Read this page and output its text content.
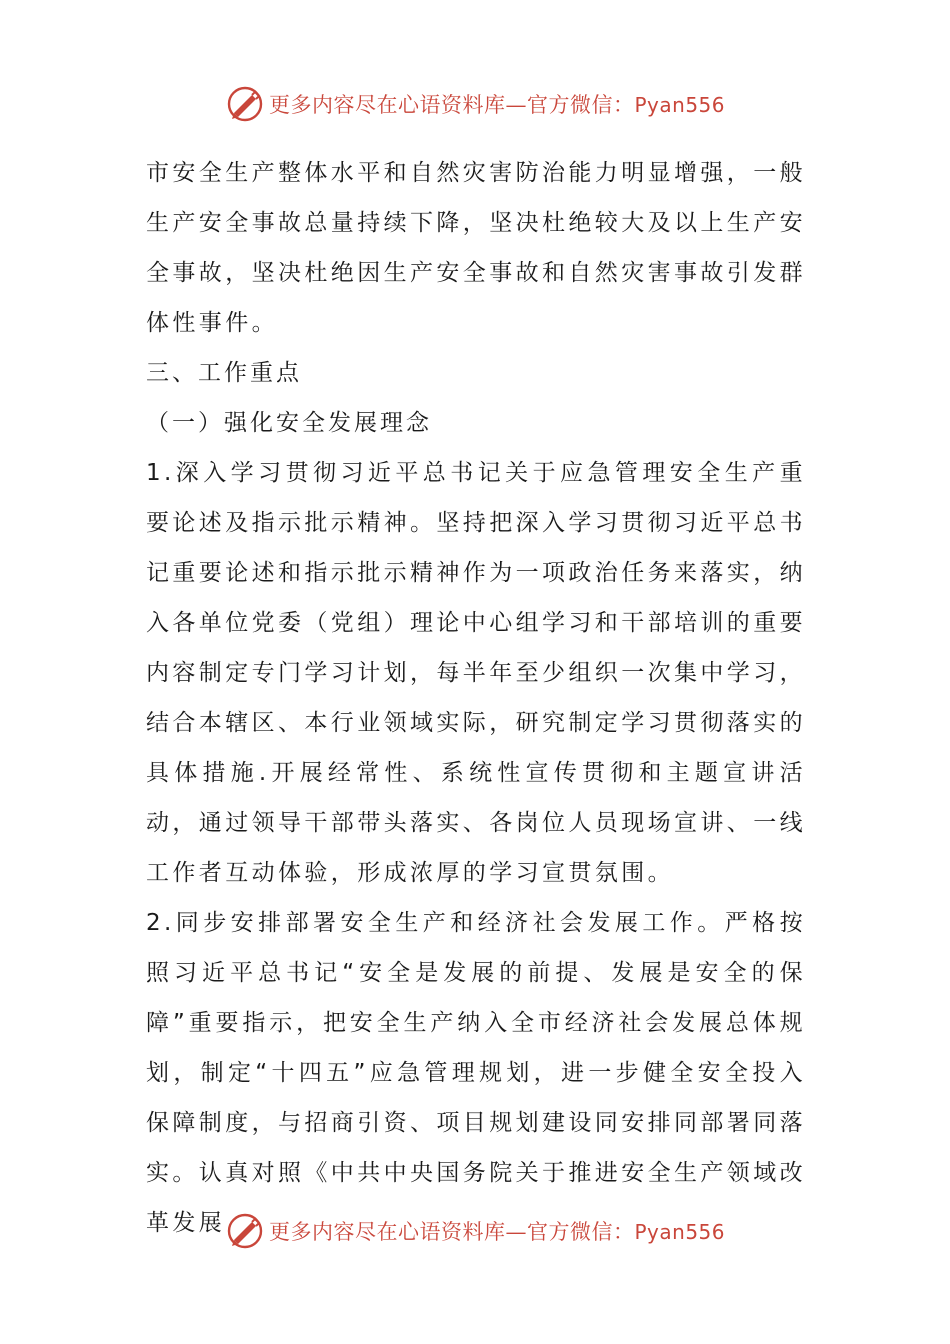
更多内容尽在心语资料库—官方微信：Pyan556

市安全生产整体水平和自然灾害防治能力明显增强，一般生产安全事故总量持续下降，坚决杜绝较大及以上生产安全事故，坚决杜绝因生产安全事故和自然灾害事故引发群体性事件。

三、工作重点

（一）强化安全发展理念

1.深入学习贯彻习近平总书记关于应急管理安全生产重要论述及指示批示精神。坚持把深入学习贯彻习近平总书记重要论述和指示批示精神作为一项政治任务来落实，纳入各单位党委（党组）理论中心组学习和干部培训的重要内容制定专门学习计划，每半年至少组织一次集中学习，结合本辖区、本行业领域实际，研究制定学习贯彻落实的具体措施.开展经常性、系统性宣传贯彻和主题宣讲活动，通过领导干部带头落实、各岗位人员现场宣讲、一线工作者互动体验，形成浓厚的学习宣贯氛围。

2.同步安排部署安全生产和经济社会发展工作。严格按照习近平总书记“安全是发展的前提、发展是安全的保障”重要指示，把安全生产纳入全市经济社会发展总体规划，制定“十四五”应急管理规划，进一步健全安全投入保障制度，与招商引资、项目规划建设同安排同部署同落实。认真对照《中共中央国务院关于推进安全生产领域改革发展	更多内容尽在心语资料库—官方微信：Pyan556
